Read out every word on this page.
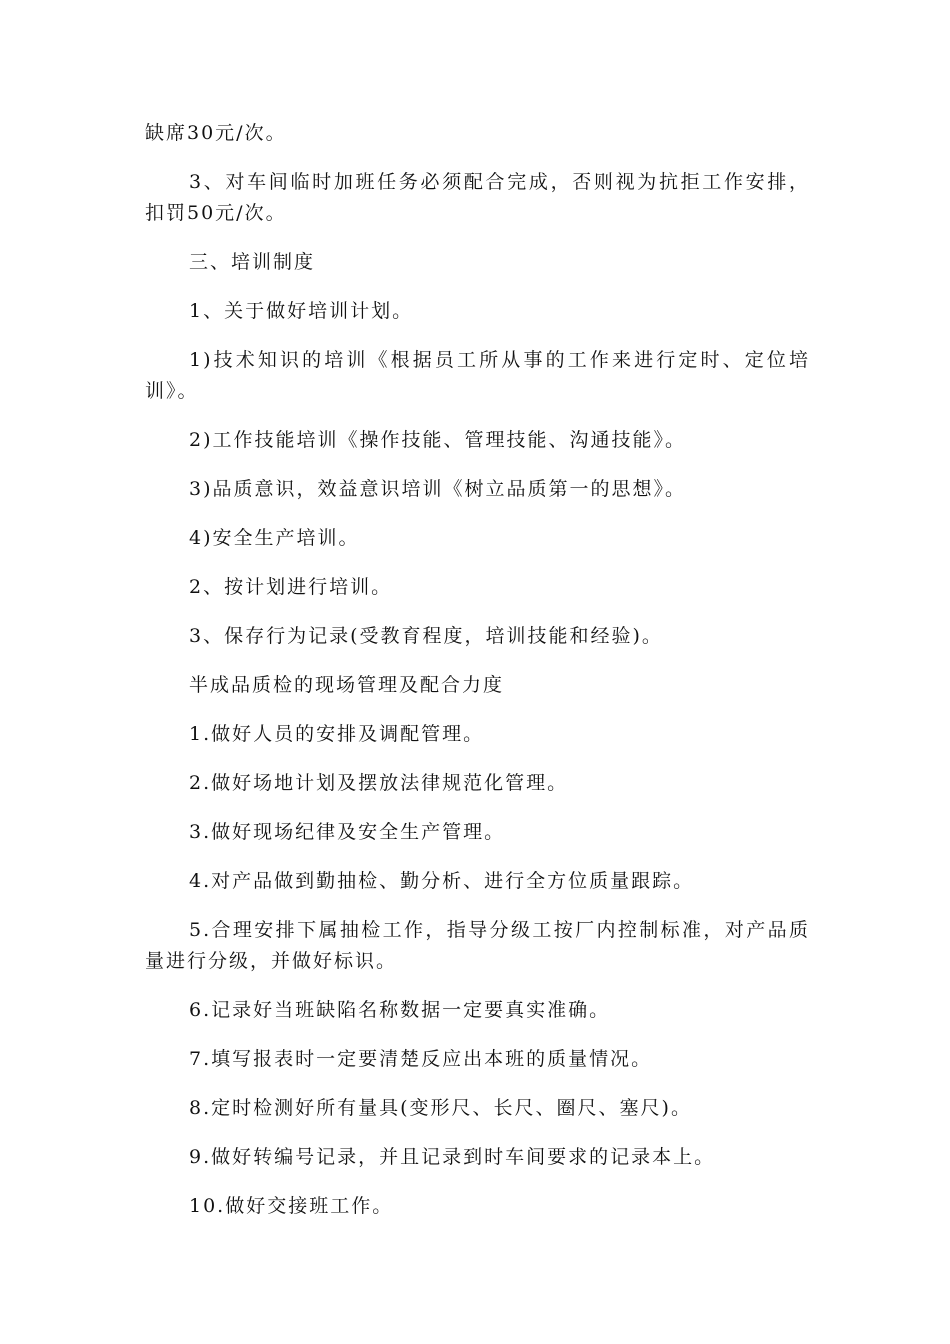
缺席30元/次。

3、对车间临时加班任务必须配合完成，否则视为抗拒工作安排，扣罚50元/次。

三、培训制度

1、关于做好培训计划。

1)技术知识的培训《根据员工所从事的工作来进行定时、定位培训》。

2)工作技能培训《操作技能、管理技能、沟通技能》。

3)品质意识，效益意识培训《树立品质第一的思想》。

4)安全生产培训。

2、按计划进行培训。

3、保存行为记录(受教育程度，培训技能和经验)。

半成品质检的现场管理及配合力度

1.做好人员的安排及调配管理。

2.做好场地计划及摆放法律规范化管理。

3.做好现场纪律及安全生产管理。

4.对产品做到勤抽检、勤分析、进行全方位质量跟踪。

5.合理安排下属抽检工作，指导分级工按厂内控制标准，对产品质量进行分级，并做好标识。

6.记录好当班缺陷名称数据一定要真实准确。

7.填写报表时一定要清楚反应出本班的质量情况。

8.定时检测好所有量具(变形尺、长尺、圈尺、塞尺)。

9.做好转编号记录，并且记录到时车间要求的记录本上。

10.做好交接班工作。
